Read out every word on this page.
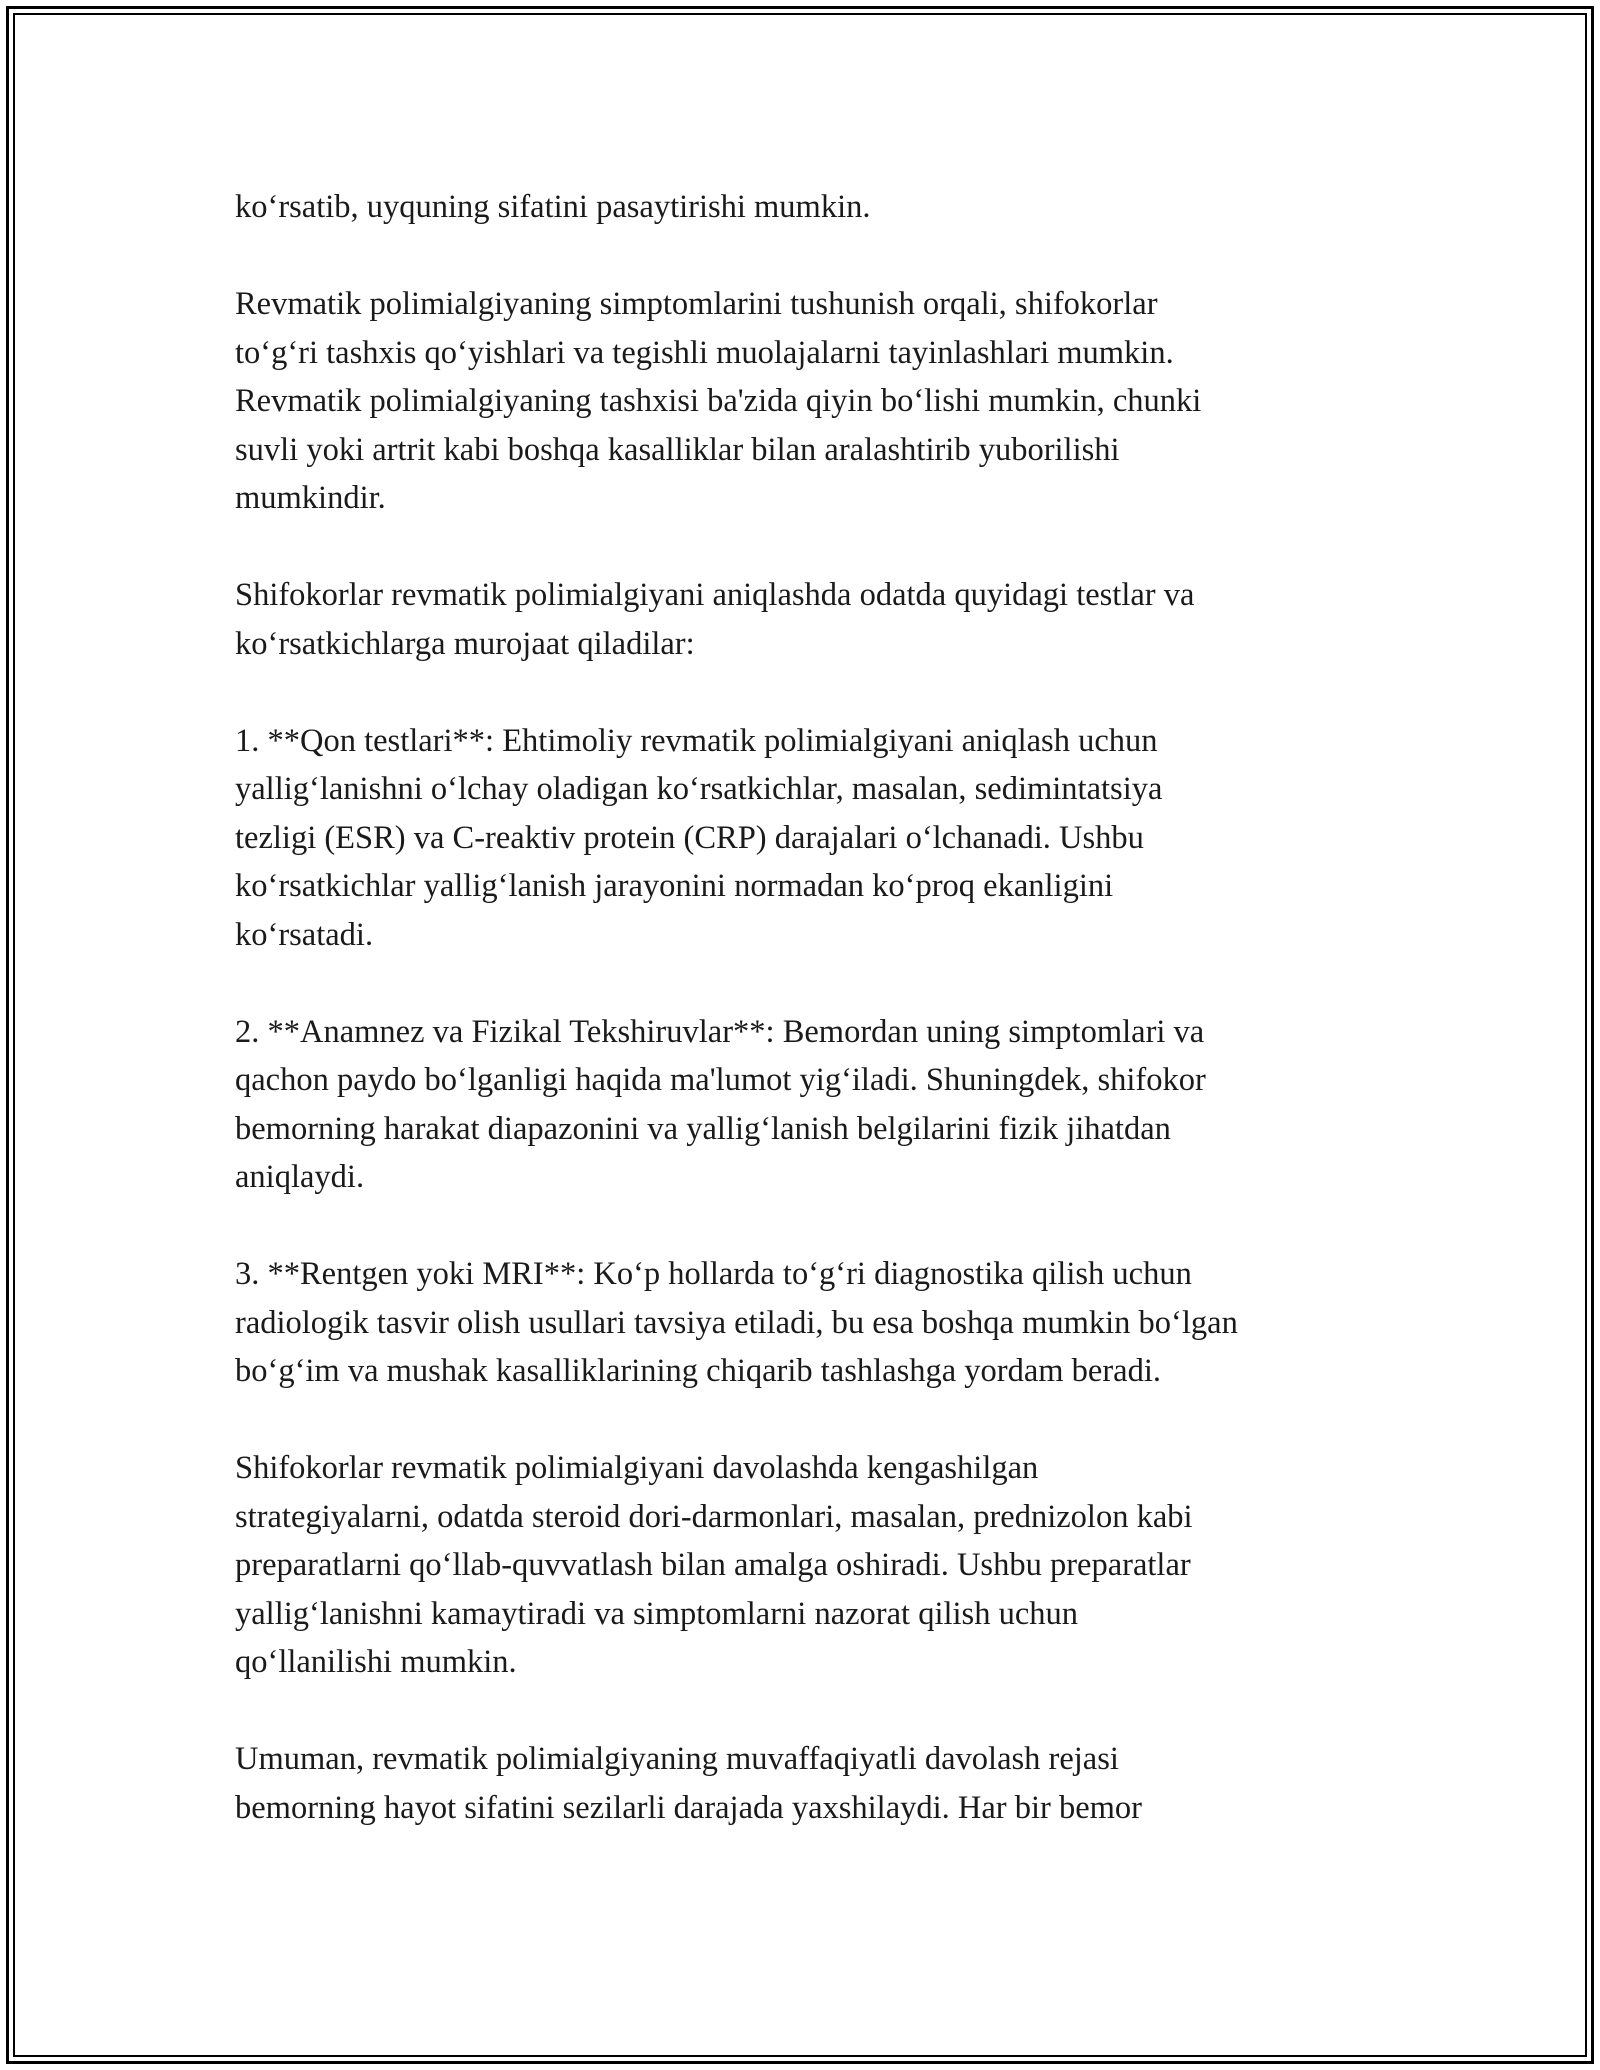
ko‘rsatib, uyquning sifatini pasaytirishi mumkin.

Revmatik polimialgiyaning simptomlarini tushunish orqali, shifokorlar
to‘g‘ri tashxis qo‘yishlari va tegishli muolajalarni tayinlashlari mumkin.
Revmatik polimialgiyaning tashxisi ba'zida qiyin bo‘lishi mumkin, chunki
suvli yoki artrit kabi boshqa kasalliklar bilan aralashtirib yuborilishi
mumkindir.

Shifokorlar revmatik polimialgiyani aniqlashda odatda quyidagi testlar va
ko‘rsatkichlarga murojaat qiladilar:

1. **Qon testlari**: Ehtimoliy revmatik polimialgiyani aniqlash uchun
yallig‘lanishni o‘lchay oladigan ko‘rsatkichlar, masalan, sedimintatsiya
tezligi (ESR) va C-reaktiv protein (CRP) darajalari o‘lchanadi. Ushbu
ko‘rsatkichlar yallig‘lanish jarayonini normadan ko‘proq ekanligini
ko‘rsatadi.

2. **Anamnez va Fizikal Tekshiruvlar**: Bemordan uning simptomlari va
qachon paydo bo‘lganligi haqida ma'lumot yig‘iladi. Shuningdek, shifokor
bemorning harakat diapazonini va yallig‘lanish belgilarini fizik jihatdan
aniqlaydi.

3. **Rentgen yoki MRI**: Ko‘p hollarda to‘g‘ri diagnostika qilish uchun
radiologik tasvir olish usullari tavsiya etiladi, bu esa boshqa mumkin bo‘lgan
bo‘g‘im va mushak kasalliklarining chiqarib tashlashga yordam beradi.

Shifokorlar revmatik polimialgiyani davolashda kengashilgan
strategiyalarni, odatda steroid dori-darmonlari, masalan, prednizolon kabi
preparatlarni qo‘llab-quvvatlash bilan amalga oshiradi. Ushbu preparatlar
yallig‘lanishni kamaytiradi va simptomlarni nazorat qilish uchun
qo‘llanilishi mumkin.

Umuman, revmatik polimialgiyaning muvaffaqiyatli davolash rejasi
bemorning hayot sifatini sezilarli darajada yaxshilaydi. Har bir bemor
